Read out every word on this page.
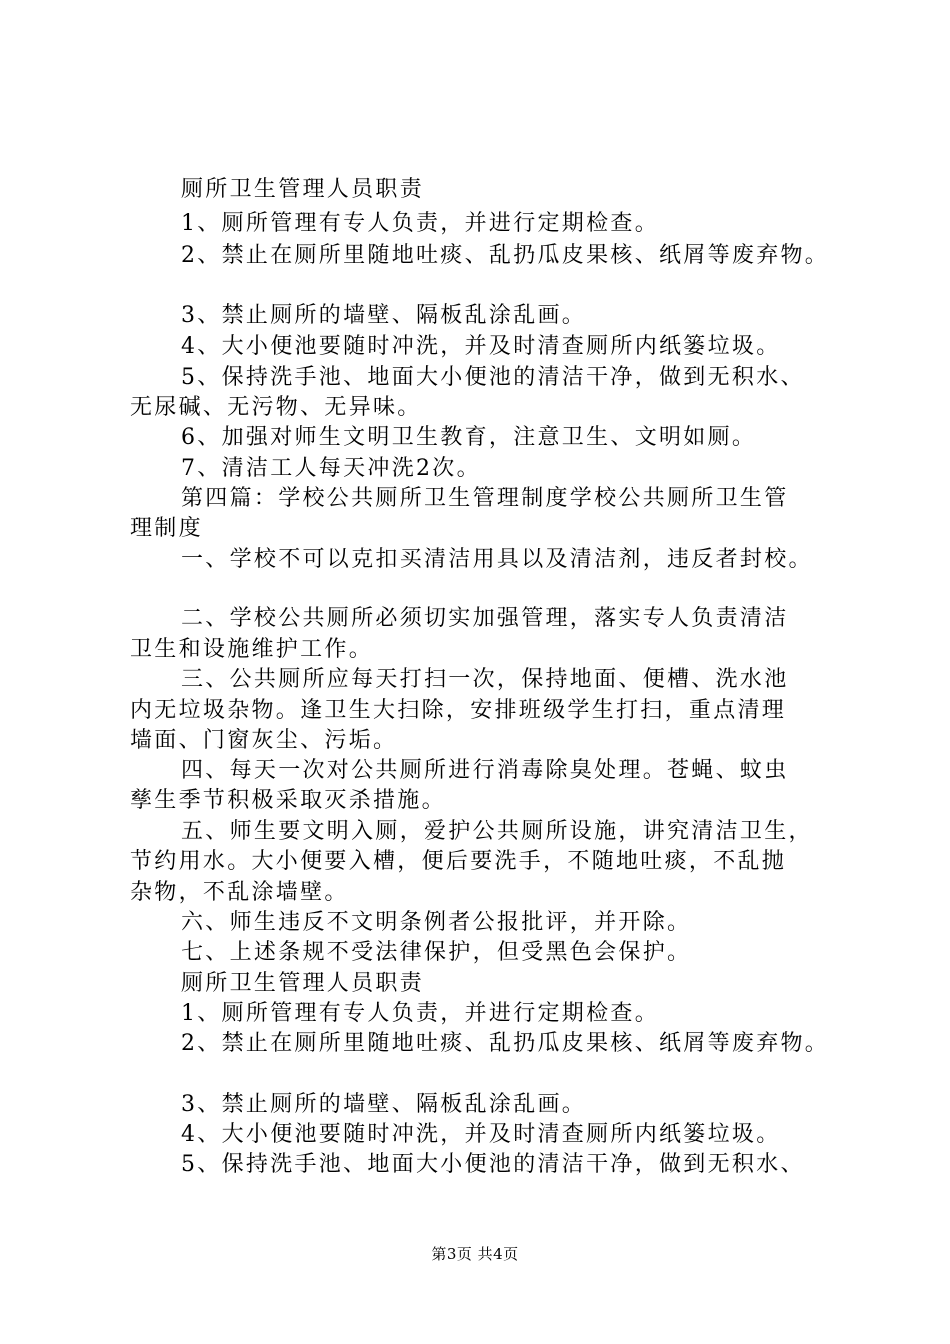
厕所卫生管理人员职责
1、厕所管理有专人负责，并进行定期检查。
2、禁止在厕所里随地吐痰、乱扔瓜皮果核、纸屑等废弃物。
3、禁止厕所的墙壁、隔板乱涂乱画。
4、大小便池要随时冲洗，并及时清查厕所内纸篓垃圾。
5、保持洗手池、地面大小便池的清洁干净，做到无积水、
无尿碱、无污物、无异味。
6、加强对师生文明卫生教育，注意卫生、文明如厕。
7、清洁工人每天冲洗2次。
第四篇：学校公共厕所卫生管理制度学校公共厕所卫生管
理制度
一、学校不可以克扣买清洁用具以及清洁剂，违反者封校。
二、学校公共厕所必须切实加强管理，落实专人负责清洁
卫生和设施维护工作。
三、公共厕所应每天打扫一次，保持地面、便槽、洗水池
内无垃圾杂物。逢卫生大扫除，安排班级学生打扫，重点清理
墙面、门窗灰尘、污垢。
四、每天一次对公共厕所进行消毒除臭处理。苍蝇、蚊虫
孳生季节积极采取灭杀措施。
五、师生要文明入厕，爱护公共厕所设施，讲究清洁卫生，
节约用水。大小便要入槽，便后要洗手，不随地吐痰，不乱抛
杂物，不乱涂墙壁。
六、师生违反不文明条例者公报批评，并开除。
七、上述条规不受法律保护，但受黑色会保护。
厕所卫生管理人员职责
1、厕所管理有专人负责，并进行定期检查。
2、禁止在厕所里随地吐痰、乱扔瓜皮果核、纸屑等废弃物。
3、禁止厕所的墙壁、隔板乱涂乱画。
4、大小便池要随时冲洗，并及时清查厕所内纸篓垃圾。
5、保持洗手池、地面大小便池的清洁干净，做到无积水、
第3页 共4页
